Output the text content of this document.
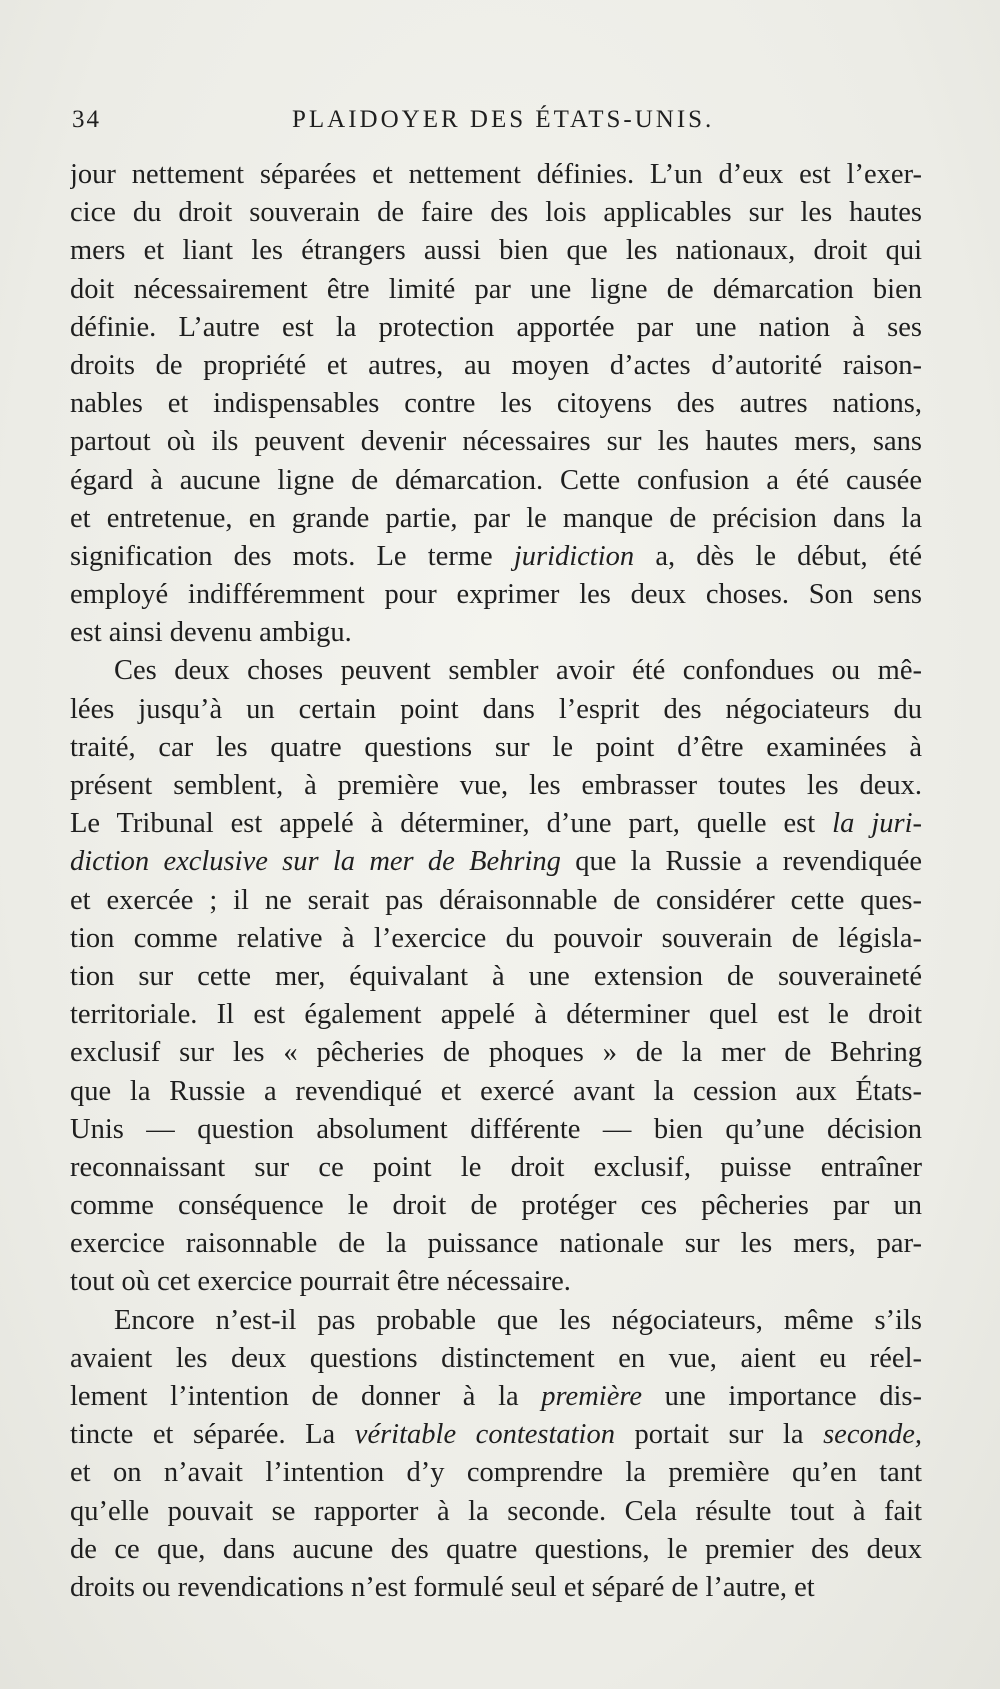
34	PLAIDOYER DES ÉTATS-UNIS.
jour nettement séparées et nettement définies. L’un d’eux est l’exer-
cice du droit souverain de faire des lois applicables sur les hautes
mers et liant les étrangers aussi bien que les nationaux, droit qui
doit nécessairement être limité par une ligne de démarcation bien
définie. L’autre est la protection apportée par une nation à ses
droits de propriété et autres, au moyen d’actes d’autorité raison-
nables et indispensables contre les citoyens des autres nations,
partout où ils peuvent devenir nécessaires sur les hautes mers, sans
égard à aucune ligne de démarcation. Cette confusion a été causée
et entretenue, en grande partie, par le manque de précision dans la
signification des mots. Le terme juridiction a, dès le début, été
employé indifféremment pour exprimer les deux choses. Son sens
est ainsi devenu ambigu.
Ces deux choses peuvent sembler avoir été confondues ou mê-
lées jusqu’à un certain point dans l’esprit des négociateurs du
traité, car les quatre questions sur le point d’être examinées à
présent semblent, à première vue, les embrasser toutes les deux.
Le Tribunal est appelé à déterminer, d’une part, quelle est la juri-
diction exclusive sur la mer de Behring que la Russie a revendiquée
et exercée ; il ne serait pas déraisonnable de considérer cette ques-
tion comme relative à l’exercice du pouvoir souverain de législa-
tion sur cette mer, équivalant à une extension de souveraineté
territoriale. Il est également appelé à déterminer quel est le droit
exclusif sur les « pêcheries de phoques » de la mer de Behring
que la Russie a revendiqué et exercé avant la cession aux États-
Unis — question absolument différente — bien qu’une décision
reconnaissant sur ce point le droit exclusif, puisse entraîner
comme conséquence le droit de protéger ces pêcheries par un
exercice raisonnable de la puissance nationale sur les mers, par-
tout où cet exercice pourrait être nécessaire.
Encore n’est-il pas probable que les négociateurs, même s’ils
avaient les deux questions distinctement en vue, aient eu réel-
lement l’intention de donner à la première une importance dis-
tincte et séparée. La véritable contestation portait sur la seconde,
et on n’avait l’intention d’y comprendre la première qu’en tant
qu’elle pouvait se rapporter à la seconde. Cela résulte tout à fait
de ce que, dans aucune des quatre questions, le premier des deux
droits ou revendications n’est formulé seul et séparé de l’autre, et
